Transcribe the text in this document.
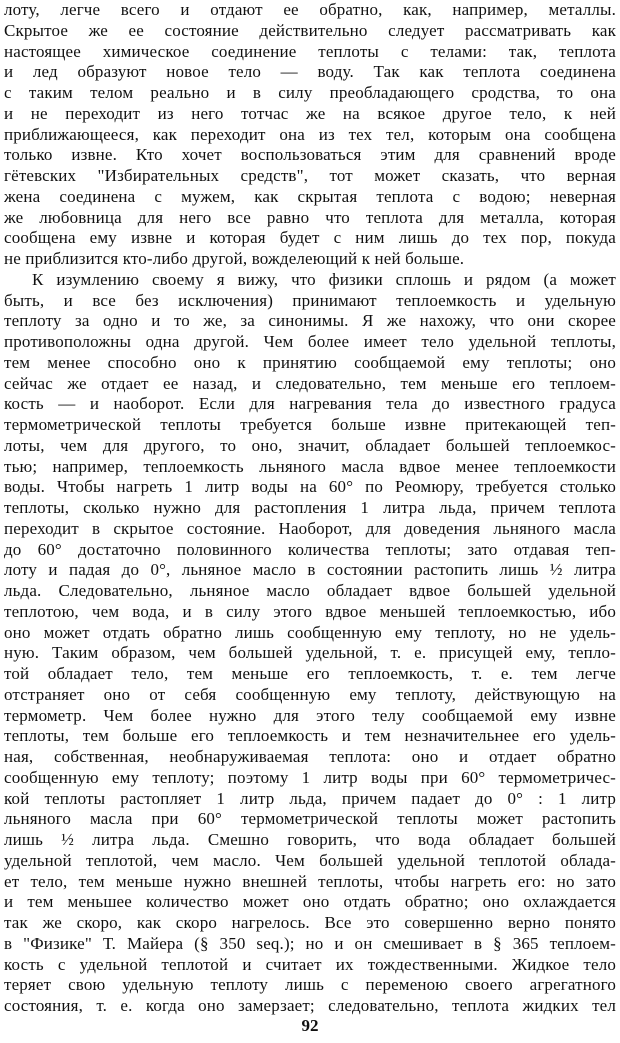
лоту, легче всего и отдают ее обратно, как, например, металлы.
Скрытое же ее состояние действительно следует рассматривать как
настоящее химическое соединение теплоты с телами: так, теплота
и лед образуют новое тело — воду. Так как теплота соединена
с таким телом реально и в силу преобладающего сродства, то она
и не переходит из него тотчас же на всякое другое тело, к ней
приближающееся, как переходит она из тех тел, которым она сообщена
только извне. Кто хочет воспользоваться этим для сравнений вроде
гётевских "Избирательных средств", тот может сказать, что верная
жена соединена с мужем, как скрытая теплота с водою; неверная
же любовница для него все равно что теплота для металла, которая
сообщена ему извне и которая будет с ним лишь до тех пор, покуда
не приблизится кто-либо другой, вожделеющий к ней больше.
К изумлению своему я вижу, что физики сплошь и рядом (а может
быть, и все без исключения) принимают теплоемкость и удельную
теплоту за одно и то же, за синонимы. Я же нахожу, что они скорее
противоположны одна другой. Чем более имеет тело удельной теплоты,
тем менее способно оно к принятию сообщаемой ему теплоты; оно
сейчас же отдает ее назад, и следовательно, тем меньше его теплоем-
кость — и наоборот. Если для нагревания тела до известного градуса
термометрической теплоты требуется больше извне притекающей теп-
лоты, чем для другого, то оно, значит, обладает большей теплоемкос-
тью; например, теплоемкость льняного масла вдвое менее теплоемкости
воды. Чтобы нагреть 1 литр воды на 60° по Реомюру, требуется столько
теплоты, сколько нужно для растопления 1 литра льда, причем теплота
переходит в скрытое состояние. Наоборот, для доведения льняного масла
до 60° достаточно половинного количества теплоты; зато отдавая теп-
лоту и падая до 0°, льняное масло в состоянии растопить лишь ½ литра
льда. Следовательно, льняное масло обладает вдвое большей удельной
теплотою, чем вода, и в силу этого вдвое меньшей теплоемкостью, ибо
оно может отдать обратно лишь сообщенную ему теплоту, но не удель-
ную. Таким образом, чем большей удельной, т. е. присущей ему, тепло-
той обладает тело, тем меньше его теплоемкость, т. е. тем легче
отстраняет оно от себя сообщенную ему теплоту, действующую на
термометр. Чем более нужно для этого телу сообщаемой ему извне
теплоты, тем больше его теплоемкость и тем незначительнее его удель-
ная, собственная, необнаруживаемая теплота: оно и отдает обратно
сообщенную ему теплоту; поэтому 1 литр воды при 60° термометричес-
кой теплоты растопляет 1 литр льда, причем падает до 0° : 1 литр
льняного масла при 60° термометрической теплоты может растопить
лишь ½ литра льда. Смешно говорить, что вода обладает большей
удельной теплотой, чем масло. Чем большей удельной теплотой облада-
ет тело, тем меньше нужно внешней теплоты, чтобы нагреть его: но зато
и тем меньшее количество может оно отдать обратно; оно охлаждается
так же скоро, как скоро нагрелось. Все это совершенно верно понято
в "Физике" Т. Майера (§ 350 seq.); но и он смешивает в § 365 теплоем-
кость с удельной теплотой и считает их тождественными. Жидкое тело
теряет свою удельную теплоту лишь с переменою своего агрегатного
состояния, т. е. когда оно замерзает; следовательно, теплота жидких тел
92
